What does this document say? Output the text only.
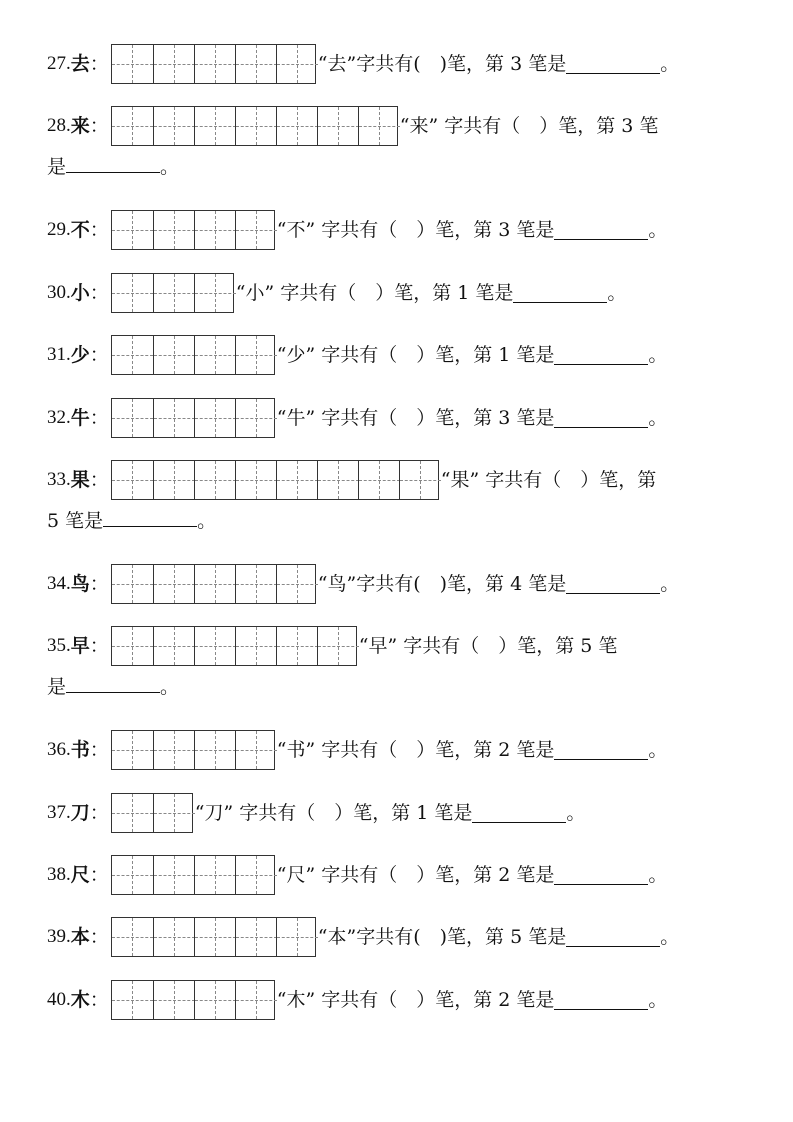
27. 去 ：	“去”字共有(　)笔，第 3 笔是	。
28. 来 ：	“来” 字共有（　）笔，第 3 笔
是	。
29. 不 ：	“不” 字共有（　）笔，第 3 笔是	。
30. 小 ：	“小” 字共有（　）笔，第 1 笔是	。
31. 少 ：	“少” 字共有（　）笔，第 1 笔是	。
32. 牛 ：	“牛” 字共有（　）笔，第 3 笔是	。
33. 果 ：	“果” 字共有（　）笔，第
5 笔是	。
34. 鸟 ：	“鸟”字共有(　)笔，第 4 笔是	。
35. 早 ：	“早” 字共有（　）笔，第 5 笔
是	。
36. 书 ：	“书” 字共有（　）笔，第 2 笔是	。
37. 刀 ：	“刀” 字共有（　）笔，第 1 笔是	。
38. 尺 ：	“尺” 字共有（　）笔，第 2 笔是	。
39. 本 ：	“本”字共有(　)笔，第 5 笔是	。
40. 木 ：	“木” 字共有（　）笔，第 2 笔是	。
